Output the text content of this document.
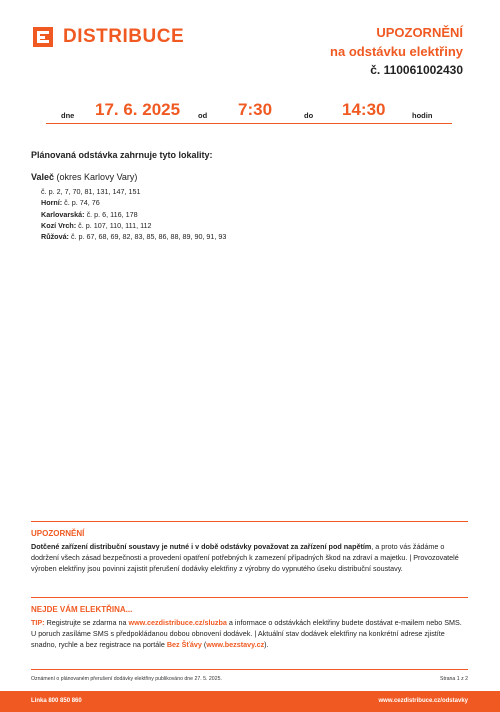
DISTRIBUCE	UPOZORNĚNÍ
na odstávku elektřiny
č. 110061002430
dne 17. 6. 2025 od 7:30	do 14:30	hodin
Plánovaná odstávka zahrnuje tyto lokality:
Valeč (okres Karlovy Vary)
č. p. 2, 7, 70, 81, 131, 147, 151
Horní: č. p. 74, 76
Karlovarská: č. p. 6, 116, 178
Kozí Vrch: č. p. 107, 110, 111, 112
Růžová: č. p. 67, 68, 69, 82, 83, 85, 86, 88, 89, 90, 91, 93
UPOZORNĚNÍ
Dotčené zařízení distribuční soustavy je nutné i v době odstávky považovat za zařízení pod napětím, a proto vás žádáme o dodržení všech zásad bezpečnosti a provedení opatření potřebných k zamezení případných škod na zdraví a majetku. | Provozovatelé výroben elektřiny jsou povinni zajistit přerušení dodávky elektřiny z výrobny do vypnutého úseku distribuční soustavy.
NEJDE VÁM ELEKTŘINA...
TIP: Registrujte se zdarma na www.cezdistribuce.cz/sluzba a informace o odstávkách elektřiny budete dostávat e-mailem nebo SMS. U poruch zasíláme SMS s předpokládanou dobou obnovení dodávek. | Aktuální stav dodávek elektřiny na konkrétní adrese zjistíte snadno, rychle a bez registrace na portále Bez Šťávy (www.bezstavy.cz).
Oznámení o plánovaném přerušení dodávky elektřiny publikováno dne 27. 5. 2025.	Strana 1 z 2
Linka 800 850 860	www.cezdistribuce.cz/odstavky
